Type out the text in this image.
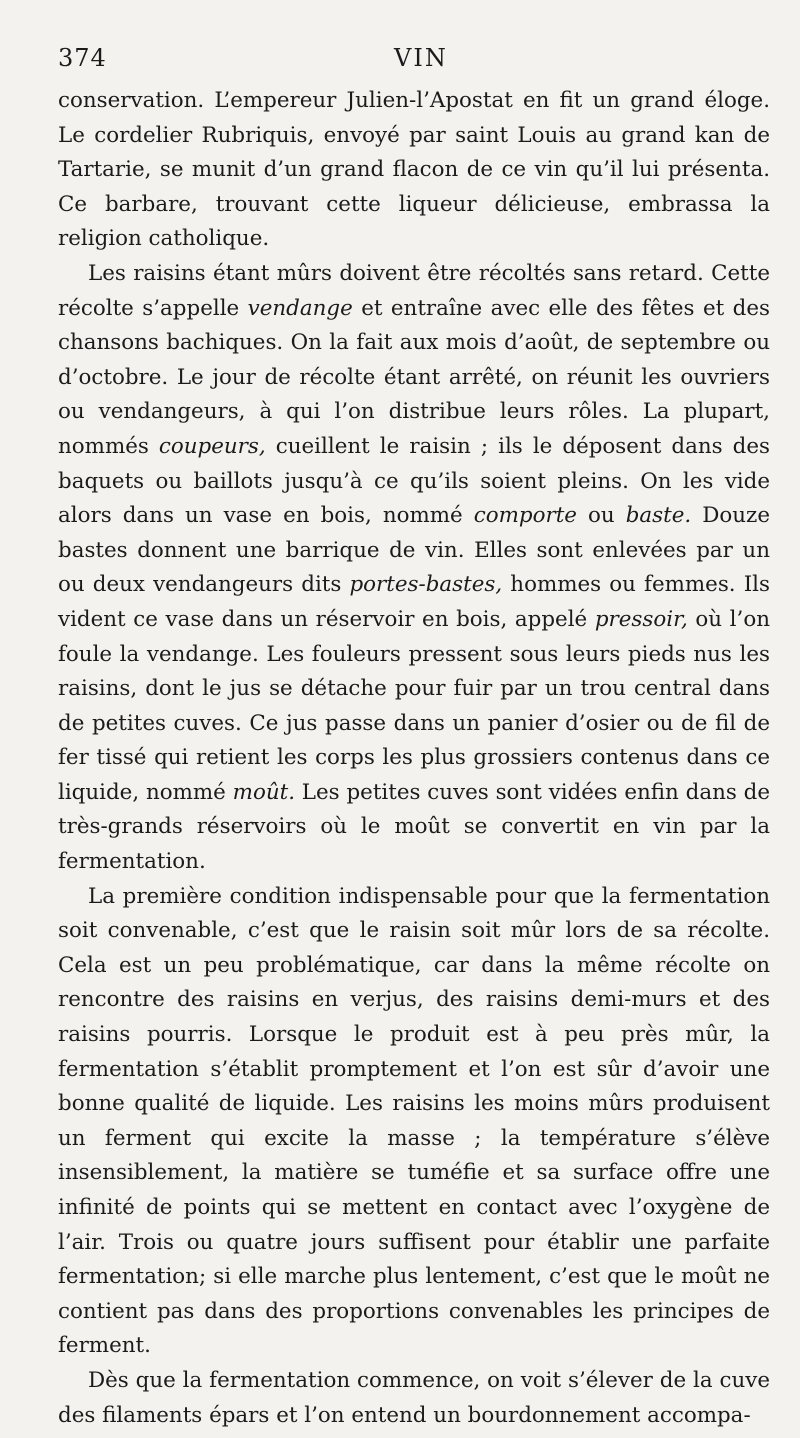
374	VIN

conservation. L’empereur Julien-l’Apostat en fit un grand éloge. Le cordelier Rubriquis, envoyé par saint Louis au grand kan de Tartarie, se munit d’un grand flacon de ce vin qu’il lui présenta. Ce barbare, trouvant cette liqueur délicieuse, embrassa la religion catholique.

Les raisins étant mûrs doivent être récoltés sans retard. Cette récolte s’appelle vendange et entraîne avec elle des fêtes et des chansons bachiques. On la fait aux mois d’août, de septembre ou d’octobre. Le jour de récolte étant arrêté, on réunit les ouvriers ou vendangeurs, à qui l’on distribue leurs rôles. La plupart, nommés coupeurs, cueillent le raisin ; ils le déposent dans des baquets ou baillots jusqu’à ce qu’ils soient pleins. On les vide alors dans un vase en bois, nommé comporte ou baste. Douze bastes donnent une barrique de vin. Elles sont enlevées par un ou deux vendangeurs dits portes-bastes, hommes ou femmes. Ils vident ce vase dans un réservoir en bois, appelé pressoir, où l’on foule la vendange. Les fouleurs pressent sous leurs pieds nus les raisins, dont le jus se détache pour fuir par un trou central dans de petites cuves. Ce jus passe dans un panier d’osier ou de fil de fer tissé qui retient les corps les plus grossiers contenus dans ce liquide, nommé moût. Les petites cuves sont vidées enfin dans de très-grands réservoirs où le moût se convertit en vin par la fermentation.

La première condition indispensable pour que la fermentation soit convenable, c’est que le raisin soit mûr lors de sa récolte. Cela est un peu problématique, car dans la même récolte on rencontre des raisins en verjus, des raisins demi-murs et des raisins pourris. Lorsque le produit est à peu près mûr, la fermentation s’établit promptement et l’on est sûr d’avoir une bonne qualité de liquide. Les raisins les moins mûrs produisent un ferment qui excite la masse ; la température s’élève insensiblement, la matière se tuméfie et sa surface offre une infinité de points qui se mettent en contact avec l’oxygène de l’air. Trois ou quatre jours suffisent pour établir une parfaite fermentation; si elle marche plus lentement, c’est que le moût ne contient pas dans des proportions convenables les principes de ferment.

Dès que la fermentation commence, on voit s’élever de la cuve des filaments épars et l’on entend un bourdonnement accompa-
